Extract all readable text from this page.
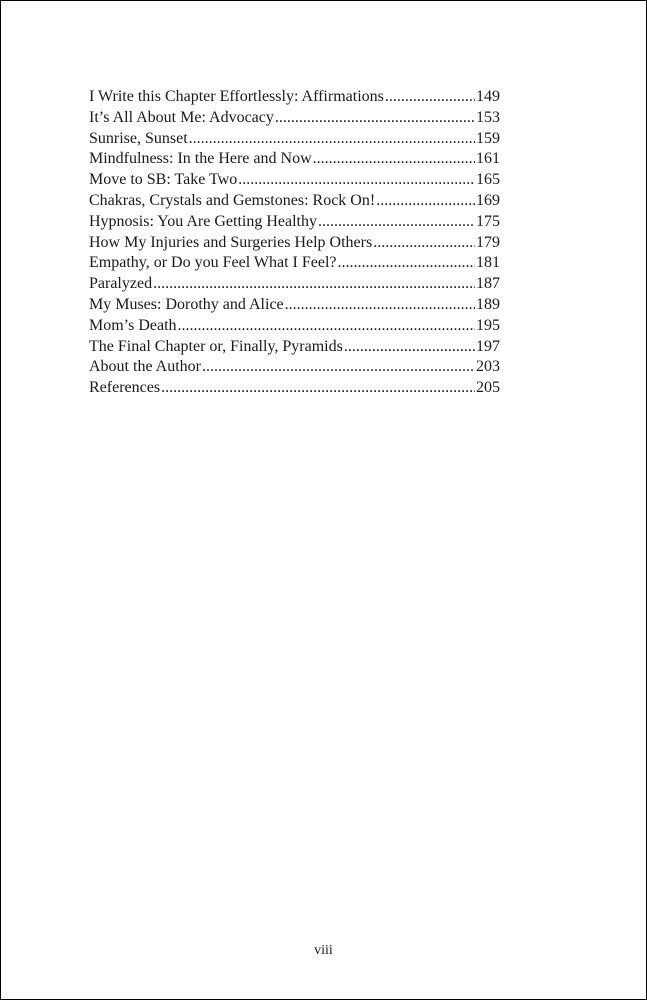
I Write this Chapter Effortlessly: Affirmations .....	149
It’s All About Me: Advocacy .....	153
Sunrise, Sunset .....	159
Mindfulness: In the Here and Now .....	161
Move to SB: Take Two .....	165
Chakras, Crystals and Gemstones: Rock On! .....	169
Hypnosis: You Are Getting Healthy .....	175
How My Injuries and Surgeries Help Others .....	179
Empathy, or Do you Feel What I Feel? .....	181
Paralyzed .....	187
My Muses: Dorothy and Alice .....	189
Mom’s Death .....	195
The Final Chapter or, Finally, Pyramids .....	197
About the Author .....	203
References .....	205
viii
